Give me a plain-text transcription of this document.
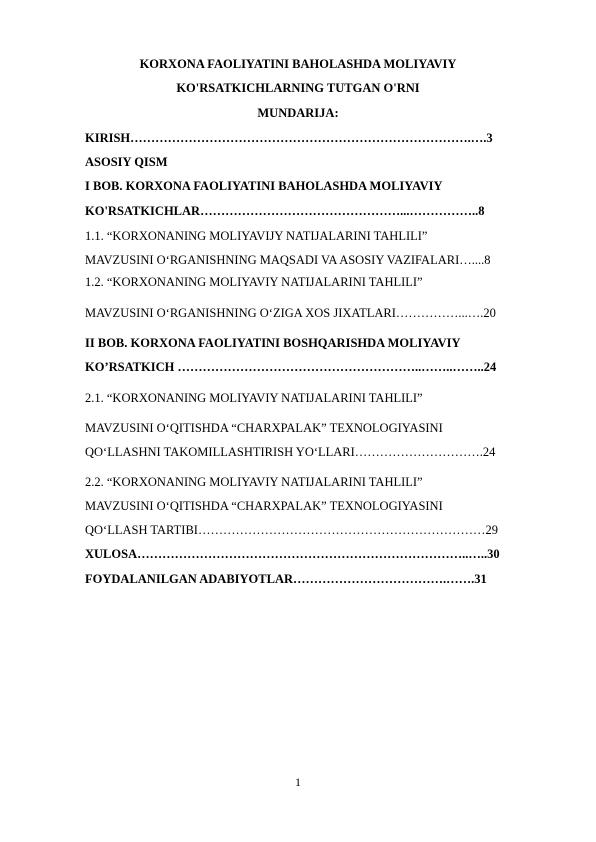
KORXONA FAOLIYATINI BAHOLASHDA MOLIYAVIY
KO'RSATKICHLARNING TUTGAN O'RNI
MUNDARIJA:
KIRISH……………………………………………………………………….….3
ASOSIY QISM
I BOB. KORXONA FAOLIYATINI BAHOLASHDA MOLIYAVIY
KO'RSATKICHLAR…………………………………………...……………..8
1.1. “KORXONANING MOLIYAVIJY NATIJALARINI TAHLILI”
MAVZUSINI O‘RGANISHNING MAQSADI VA ASOSIY VAZIFALARI…....8
1.2. “KORXONANING MOLIYAVIY NATIJALARINI TAHLILI”
MAVZUSINI O‘RGANISHNING O‘ZIGA XOS JIXATLARI……………...….20
II BOB. KORXONA FAOLIYATINI BOSHQARISHDA MOLIYAVIY
KO’RSATKICH …………………………………………………..……..……..24
2.1. “KORXONANING MOLIYAVIY NATIJALARINI TAHLILI”
MAVZUSINI O‘QITISHDA “CHARXPALAK” TEXNOLOGIYASINI
QO‘LLASHNI TAKOMILLASHTIRISH YO‘LLARI………………………….24
2.2. “KORXONANING MOLIYAVIY NATIJALARINI TAHLILI”
MAVZUSINI O‘QITISHDA “CHARXPALAK” TEXNOLOGIYASINI
QO‘LLASH TARTIBI……………………………………………………………29
XULOSA……………………………………………………………………..…..30
FOYDALANILGAN ADABIYOTLAR……………………………….…….31
1
